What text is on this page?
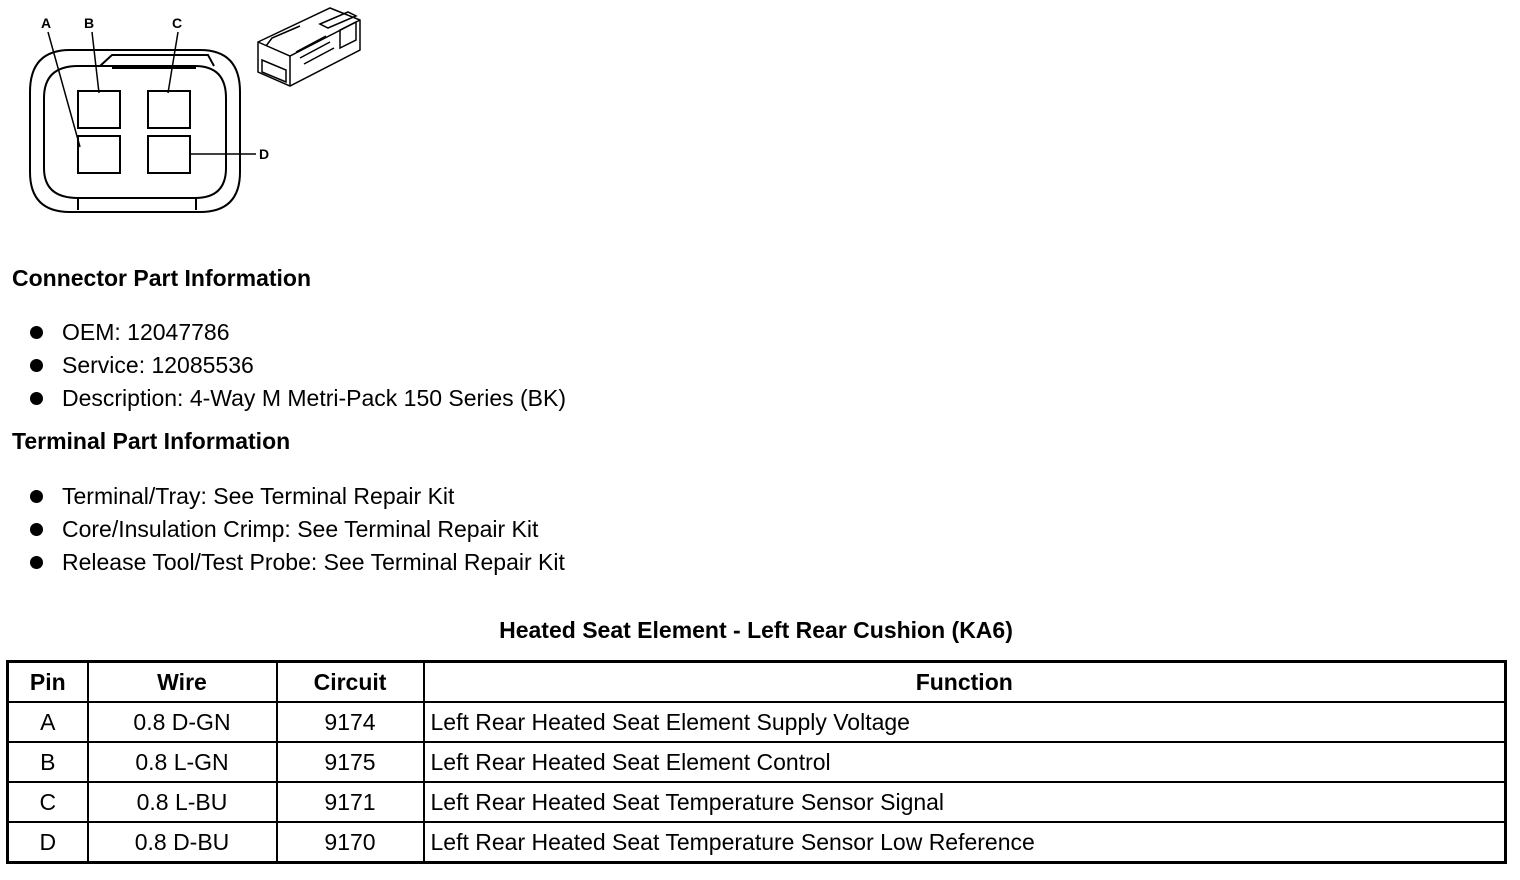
A B	C
D
Connector Part Information
OEM: 12047786
Service: 12085536
Description: 4-Way M Metri-Pack 150 Series (BK)
Terminal Part Information
Terminal/Tray: See Terminal Repair Kit
Core/Insulation Crimp: See Terminal Repair Kit
Release Tool/Test Probe: See Terminal Repair Kit
Heated Seat Element - Left Rear Cushion (KA6)
Pin	Wire	Circuit	Function
A	0.8 D-GN	9174	Left Rear Heated Seat Element Supply Voltage
B	0.8 L-GN	9175	Left Rear Heated Seat Element Control
C	0.8 L-BU	9171	Left Rear Heated Seat Temperature Sensor Signal
D	0.8 D-BU	9170	Left Rear Heated Seat Temperature Sensor Low Reference
